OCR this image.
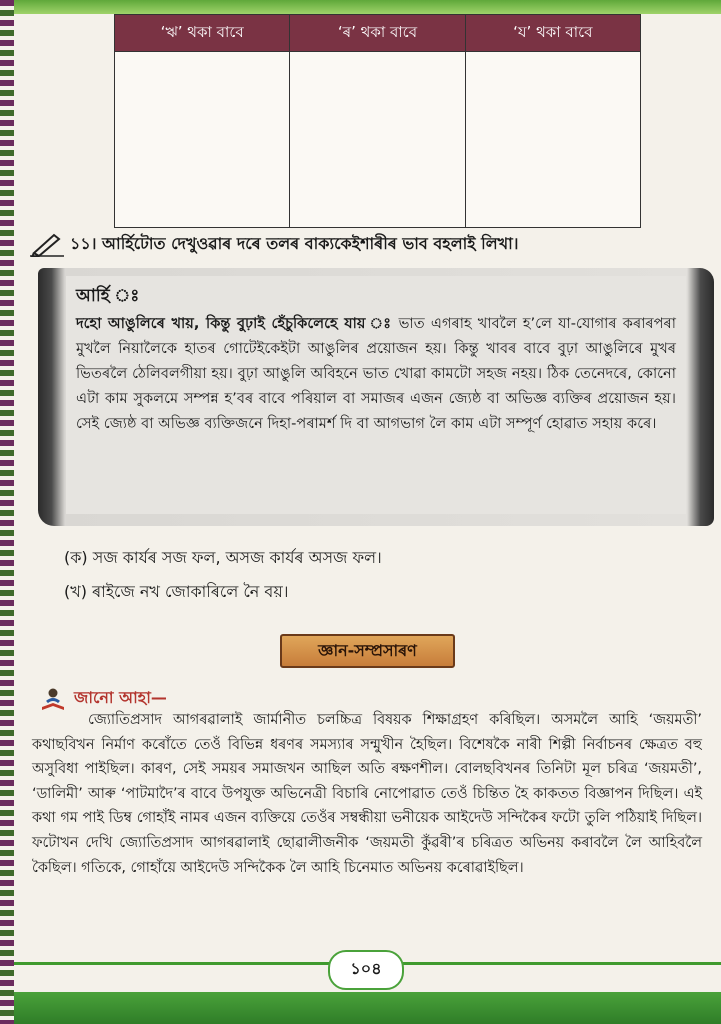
‘ঋ’ থকা বাবে	‘ৰ’ থকা বাবে	‘য’ থকা বাবে

১১। আৰ্হিটোত দেখুওৱাৰ দৰে তলৰ বাক্যকেইশাৰীৰ ভাব বহলাই লিখা।

আৰ্হি ঃ

দহো আঙুলিৰে খায়, কিন্তু বুঢ়াই হেঁচুকিলেহে যায় ঃ ভাত এগৰাহ খাবলৈ হ’লে যা-যোগাৰ কৰাৰপৰা মুখলৈ নিয়ালৈকে হাতৰ গোটেইকেইটা আঙুলিৰ প্ৰয়োজন হয়। কিন্তু খাবৰ বাবে বুঢ়া আঙুলিৰে মুখৰ ভিতৰলৈ ঠেলিবলগীয়া হয়। বুঢ়া আঙুলি অবিহনে ভাত খোৱা কামটো সহজ নহয়। ঠিক তেনেদৰে, কোনো এটা কাম সুকলমে সম্পন্ন হ’বৰ বাবে পৰিয়াল বা সমাজৰ এজন জ্যেষ্ঠ বা অভিজ্ঞ ব্যক্তিৰ প্ৰয়োজন হয়। সেই জ্যেষ্ঠ বা অভিজ্ঞ ব্যক্তিজনে দিহা-পৰামৰ্শ দি বা আগভাগ লৈ কাম এটা সম্পূৰ্ণ হোৱাত সহায় কৰে।

(ক) সজ কাৰ্যৰ সজ ফল, অসজ কাৰ্যৰ অসজ ফল।
(খ) ৰাইজে নখ জোকাৰিলে নৈ বয়।
জ্ঞান-সম্প্ৰসাৰণ
জানো আহা—

জ্যোতিপ্ৰসাদ আগৰৱালাই জাৰ্মানীত চলচ্চিত্ৰ বিষয়ক শিক্ষাগ্ৰহণ কৰিছিল। অসমলৈ আহি ‘জয়মতী’ কথাছবিখন নিৰ্মাণ কৰোঁতে তেওঁ বিভিন্ন ধৰণৰ সমস্যাৰ সন্মুখীন হৈছিল। বিশেষকৈ নাৰী শিল্পী নিৰ্বাচনৰ ক্ষেত্ৰত বহু অসুবিধা পাইছিল। কাৰণ, সেই সময়ৰ সমাজখন আছিল অতি ৰক্ষণশীল। বোলছবিখনৰ তিনিটা মূল চৰিত্ৰ ‘জয়মতী’, ‘ডালিমী’ আৰু ‘পাটমাদৈ’ৰ বাবে উপযুক্ত অভিনেত্ৰী বিচাৰি নোপোৱাত তেওঁ চিন্তিত হৈ কাকতত বিজ্ঞাপন দিছিল। এই কথা গম পাই ডিম্ব গোহাঁই নামৰ এজন ব্যক্তিয়ে তেওঁৰ সম্বন্ধীয়া ভনীয়েক আইদেউ সন্দিকৈৰ ফটো তুলি পঠিয়াই দিছিল। ফটোখন দেখি জ্যোতিপ্ৰসাদ আগৰৱালাই ছোৱালীজনীক ‘জয়মতী কুঁৱৰী’ৰ চৰিত্ৰত অভিনয় কৰাবলৈ লৈ আহিবলৈ কৈছিল। গতিকে, গোহাঁয়ে আইদেউ সন্দিকৈক লৈ আহি চিনেমাত অভিনয় কৰোৱাইছিল।

১০৪
